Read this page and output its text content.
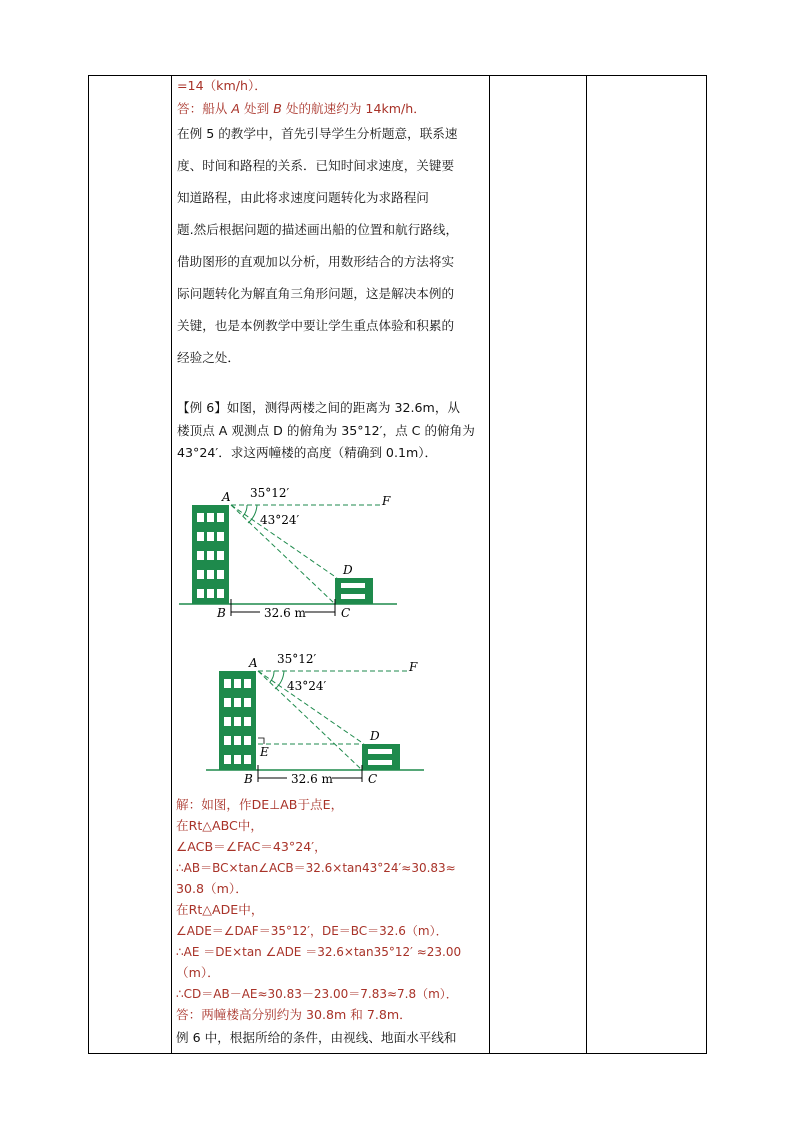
=14（km/h）．
答：船从 A 处到 B 处的航速约为 14km/h．
在例 5 的教学中，首先引导学生分析题意，联系速
度、时间和路程的关系．已知时间求速度，关键要
知道路程，由此将求速度问题转化为求路程问
题.然后根据问题的描述画出船的位置和航行路线，
借助图形的直观加以分析，用数形结合的方法将实
际问题转化为解直角三角形问题，这是解决本例的
关键，也是本例教学中要让学生重点体验和积累的
经验之处．
【例 6】如图，测得两楼之间的距离为 32.6m，从
楼顶点 A 观测点 D 的俯角为 35°12′，点 C 的俯角为
43°24′．求这两幢楼的高度（精确到 0.1m）．
A
B	C
D
F
35°12′
43°24′
32.6 m
A
B	C
D
E
F
35°12′
43°24′
32.6 m
解：如图，作DE⊥AB于点E，
在Rt△ABC中，
∠ACB＝∠FAC＝43°24′，
∴AB＝BC×tan∠ACB＝32.6×tan43°24′≈30.83≈
30.8（m）．
在Rt△ADE中，
∠ADE＝∠DAF＝35°12′，DE＝BC＝32.6（m）．
∴AE ＝DE×tan ∠ADE ＝32.6×tan35°12′ ≈23.00
（m）．
∴CD＝AB－AE≈30.83－23.00＝7.83≈7.8（m）．
答：两幢楼高分别约为 30.8m 和 7.8m．
例 6 中，根据所给的条件，由视线、地面水平线和
